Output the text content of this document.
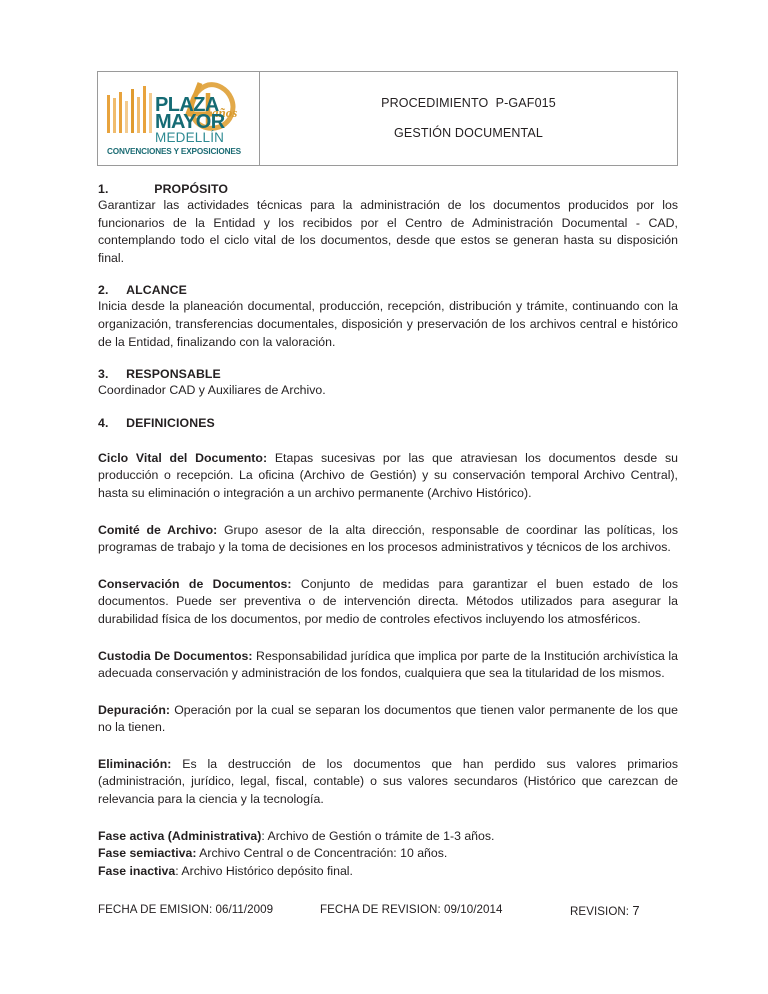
años
PLAZA
MAYOR
MEDELLÍN
CONVENCIONES Y EXPOSICIONES
PROCEDIMIENTO  P-GAF015
GESTIÓN DOCUMENTAL
1.			PROPÓSITO

Garantizar las actividades técnicas para la administración de los documentos producidos por los funcionarios de la Entidad y los recibidos por el Centro de Administración Documental - CAD, contemplando todo el ciclo vital de los documentos, desde que estos se generan hasta su disposición final.

2.	ALCANCE

Inicia desde la planeación documental, producción, recepción, distribución y trámite, continuando con la organización, transferencias documentales, disposición y preservación de los archivos central e histórico de la Entidad, finalizando con la valoración.

3.	RESPONSABLE

Coordinador CAD y Auxiliares de Archivo.

4.	DEFINICIONES

Ciclo Vital del Documento: Etapas sucesivas por las que atraviesan los documentos desde su producción o recepción. La oficina (Archivo de Gestión) y su conservación temporal Archivo Central), hasta su eliminación o integración a un archivo permanente (Archivo Histórico).

Comité de Archivo: Grupo asesor de la alta dirección, responsable de coordinar las políticas, los programas de trabajo y la toma de decisiones en los procesos administrativos y técnicos de los archivos.

Conservación de Documentos: Conjunto de medidas para garantizar el buen estado de los documentos. Puede ser preventiva o de intervención directa. Métodos utilizados para asegurar la durabilidad física de los documentos, por medio de controles efectivos incluyendo los atmosféricos.

Custodia De Documentos: Responsabilidad jurídica que implica por parte de la Institución archivística la adecuada conservación y administración de los fondos, cualquiera que sea la titularidad de los mismos.

Depuración: Operación por la cual se separan los documentos que tienen valor permanente de los que no la tienen.

Eliminación: Es la destrucción de los documentos que han perdido sus valores primarios (administración, jurídico, legal, fiscal, contable) o sus valores secundaros (Histórico que carezcan de relevancia para la ciencia y la tecnología.

Fase activa (Administrativa): Archivo de Gestión o trámite de 1-3 años.

Fase semiactiva: Archivo Central o de Concentración: 10 años.

Fase inactiva: Archivo Histórico depósito final.

FECHA DE EMISION: 06/11/2009	FECHA DE REVISION: 09/10/2014	REVISION: 7
